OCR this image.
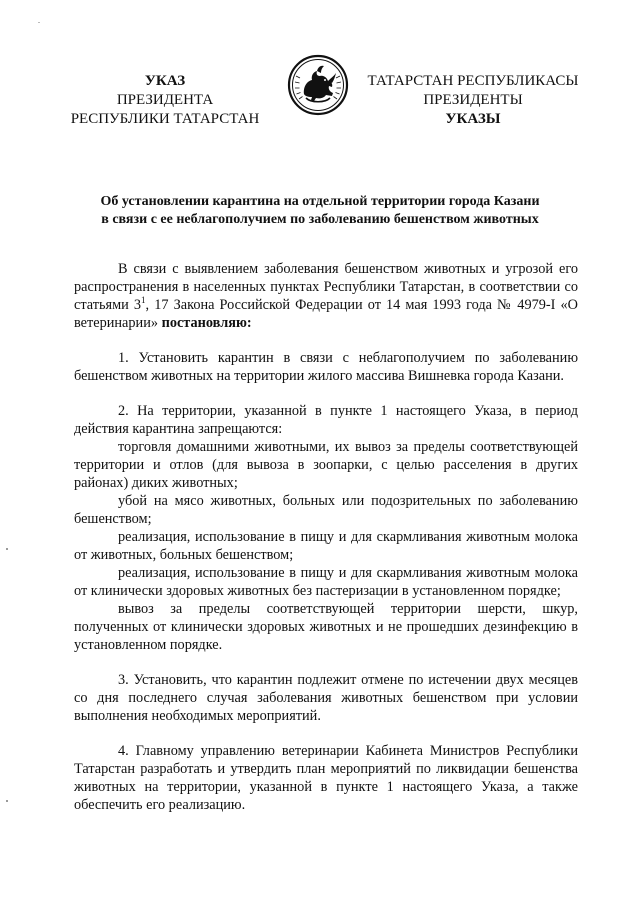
УКАЗ
ПРЕЗИДЕНТА
РЕСПУБЛИКИ ТАТАРСТАН
ТАТАРСТАН РЕСПУБЛИКАСЫ
ПРЕЗИДЕНТЫ
УКАЗЫ
Об установлении карантина на отдельной территории города Казани
в связи с ее неблагополучием по заболеванию бешенством животных

В связи с выявлением заболевания бешенством животных и угрозой его распространения в населенных пунктах Республики Татарстан, в соответствии со статьями $3^1$, 17 Закона Российской Федерации от 14 мая 1993 года № 4979-I «О ветеринарии» постановляю:

1. Установить карантин в связи с неблагополучием по заболеванию бешенством животных на территории жилого массива Вишневка города Казани.

2. На территории, указанной в пункте 1 настоящего Указа, в период действия карантина запрещаются:

торговля домашними животными, их вывоз за пределы соответствующей территории и отлов (для вывоза в зоопарки, с целью расселения в других районах) диких животных;

убой на мясо животных, больных или подозрительных по заболеванию бешенством;

реализация, использование в пищу и для скармливания животным молока от животных, больных бешенством;

реализация, использование в пищу и для скармливания животным молока от клинически здоровых животных без пастеризации в установленном порядке;

вывоз за пределы соответствующей территории шерсти, шкур, полученных от клинически здоровых животных и не прошедших дезинфекцию в установленном порядке.

3. Установить, что карантин подлежит отмене по истечении двух месяцев со дня последнего случая заболевания животных бешенством при условии выполнения необходимых мероприятий.

4. Главному управлению ветеринарии Кабинета Министров Республики Татарстан разработать и утвердить план мероприятий по ликвидации бешенства животных на территории, указанной в пункте 1 настоящего Указа, а также обеспечить его реализацию.
